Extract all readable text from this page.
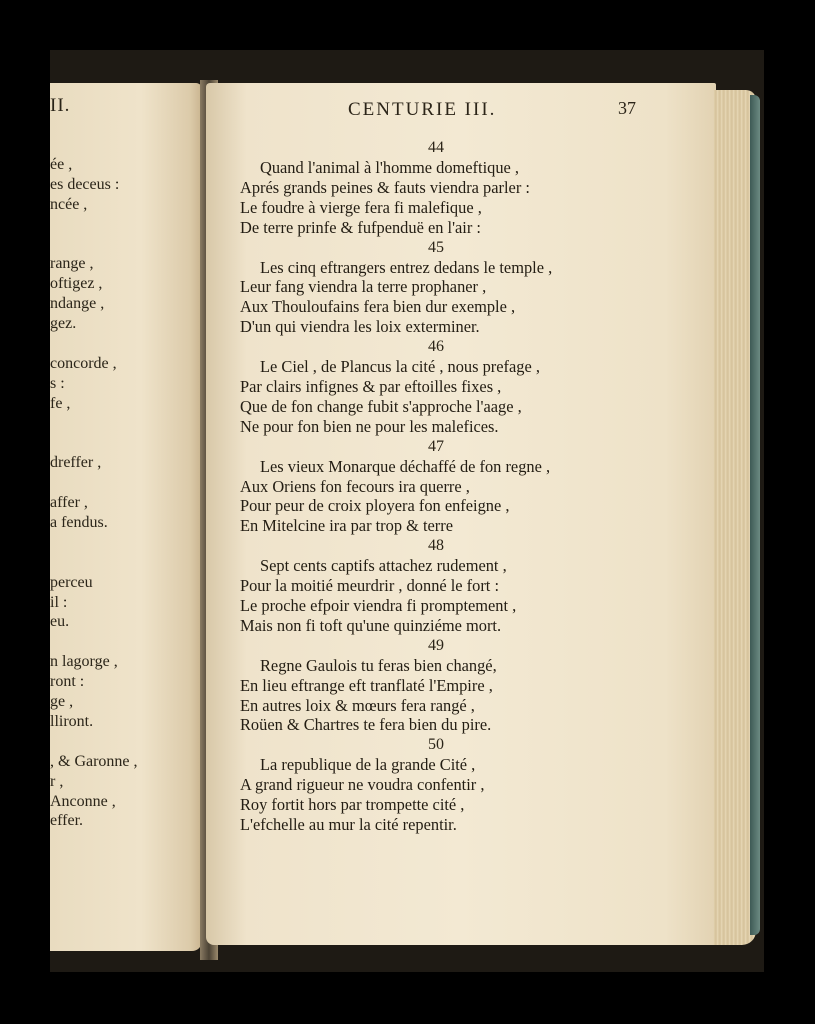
II.
ée ,
es deceus :
ncée ,
range ,
oftigez ,
ndange ,
gez.
concorde ,
s :
fe ,
dreffer ,
affer ,
a fendus.
perceu
il :
eu.
n lagorge ,
ront :
ge ,
lliront.
, & Garonne ,
r ,
Anconne ,
effer.
CENTURIE III.	37
44
Quand l'animal à l'homme domeftique ,
Aprés grands peines & fauts viendra parler :
Le foudre à vierge fera fi malefique ,
De terre prinfe & fufpenduë en l'air :
45
Les cinq eftrangers entrez dedans le temple ,
Leur fang viendra la terre prophaner ,
Aux Thouloufains fera bien dur exemple ,
D'un qui viendra les loix exterminer.
46
Le Ciel , de Plancus la cité , nous prefage ,
Par clairs infignes & par eftoilles fixes ,
Que de fon change fubit s'approche l'aage ,
Ne pour fon bien ne pour les malefices.
47
Les vieux Monarque déchaffé de fon regne ,
Aux Oriens fon fecours ira querre ,
Pour peur de croix ployera fon enfeigne ,
En Mitelcine ira par trop & terre
48
Sept cents captifs attachez rudement ,
Pour la moitié meurdrir , donné le fort :
Le proche efpoir viendra fi promptement ,
Mais non fi toft qu'une quinziéme mort.
49
Regne Gaulois tu feras bien changé,
En lieu eftrange eft tranflaté l'Empire ,
En autres loix & mœurs fera rangé ,
Roüen & Chartres te fera bien du pire.
50
La republique de la grande Cité ,
A grand rigueur ne voudra confentir ,
Roy fortit hors par trompette cité ,
L'efchelle au mur la cité repentir.
